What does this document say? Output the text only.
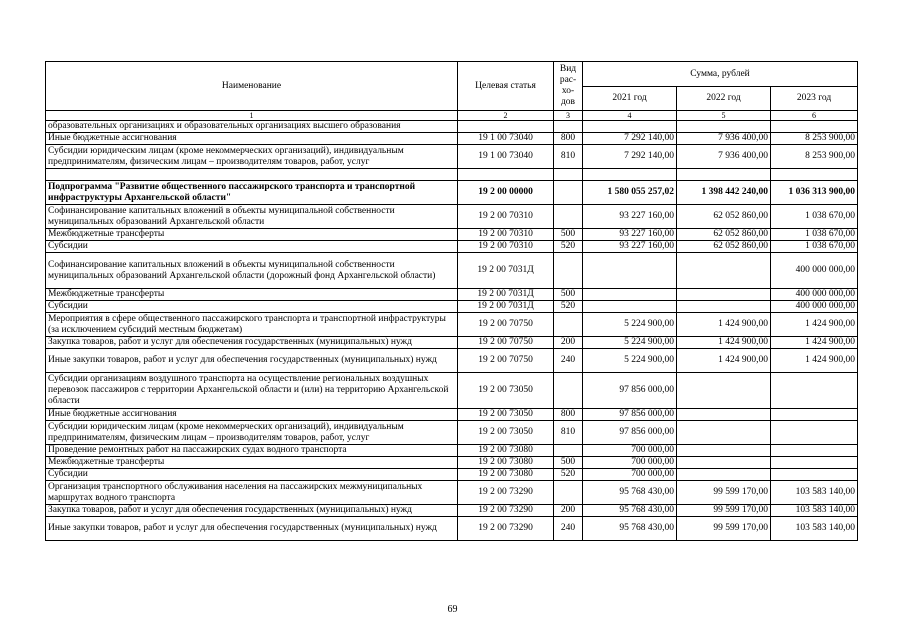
Наименование	Целевая статья	Вид рас-хо-дов	Сумма, рублей		
			2021 год	2022 год	2023 год
1	2	3	4	5	6
образовательных организациях и образовательных организациях высшего образования					
Иные бюджетные ассигнования	19 1 00 73040	800	7 292 140,00	7 936 400,00	8 253 900,00
Субсидии юридическим лицам (кроме некоммерческих организаций), индивидуальным предпринимателям, физическим лицам – производителям товаров, работ, услуг	19 1 00 73040	810	7 292 140,00	7 936 400,00	8 253 900,00

Подпрограмма "Развитие общественного пассажирского транспорта и транспортной инфраструктуры Архангельской области"	19 2 00 00000		1 580 055 257,02	1 398 442 240,00	1 036 313 900,00
Софинансирование капитальных вложений в объекты муниципальной собственности муниципальных образований Архангельской области	19 2 00 70310		93 227 160,00	62 052 860,00	1 038 670,00
Межбюджетные трансферты	19 2 00 70310	500	93 227 160,00	62 052 860,00	1 038 670,00
Субсидии	19 2 00 70310	520	93 227 160,00	62 052 860,00	1 038 670,00
Софинансирование капитальных вложений в объекты муниципальной собственности муниципальных образований Архангельской области (дорожный фонд Архангельской области)	19 2 00 7031Д				400 000 000,00
Межбюджетные трансферты	19 2 00 7031Д	500			400 000 000,00
Субсидии	19 2 00 7031Д	520			400 000 000,00
Мероприятия в сфере общественного пассажирского транспорта и транспортной инфраструктуры (за исключением субсидий местным бюджетам)	19 2 00 70750		5 224 900,00	1 424 900,00	1 424 900,00
Закупка товаров, работ и услуг для обеспечения государственных (муниципальных) нужд	19 2 00 70750	200	5 224 900,00	1 424 900,00	1 424 900,00
Иные закупки товаров, работ и услуг для обеспечения государственных (муниципальных) нужд	19 2 00 70750	240	5 224 900,00	1 424 900,00	1 424 900,00
Субсидии организациям воздушного транспорта на осуществление региональных воздушных перевозок пассажиров с территории Архангельской области и (или) на территорию Архангельской области	19 2 00 73050		97 856 000,00		
Иные бюджетные ассигнования	19 2 00 73050	800	97 856 000,00		
Субсидии юридическим лицам (кроме некоммерческих организаций), индивидуальным предпринимателям, физическим лицам – производителям товаров, работ, услуг	19 2 00 73050	810	97 856 000,00		
Проведение ремонтных работ на пассажирских судах водного транспорта	19 2 00 73080		700 000,00		
Межбюджетные трансферты	19 2 00 73080	500	700 000,00		
Субсидии	19 2 00 73080	520	700 000,00		
Организация транспортного обслуживания населения на пассажирских межмуниципальных маршрутах водного транспорта	19 2 00 73290		95 768 430,00	99 599 170,00	103 583 140,00
Закупка товаров, работ и услуг для обеспечения государственных (муниципальных) нужд	19 2 00 73290	200	95 768 430,00	99 599 170,00	103 583 140,00
Иные закупки товаров, работ и услуг для обеспечения государственных (муниципальных) нужд	19 2 00 73290	240	95 768 430,00	99 599 170,00	103 583 140,00
69
